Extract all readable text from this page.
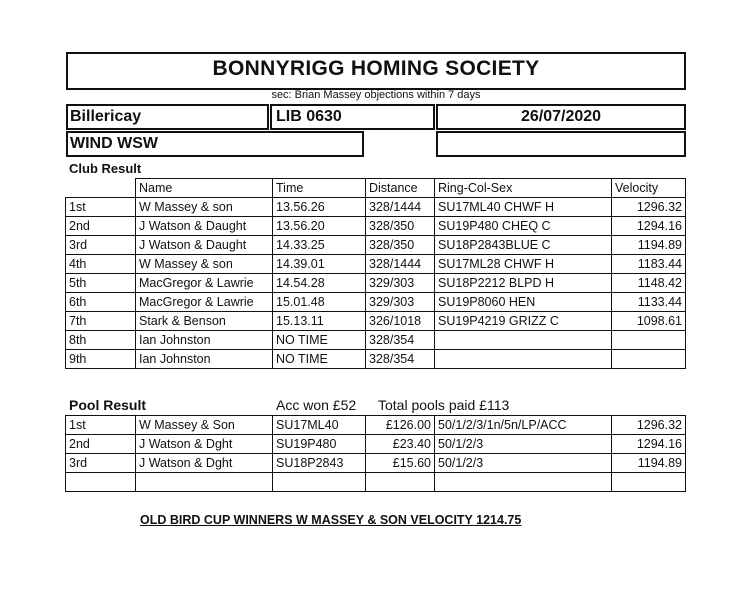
BONNYRIGG HOMING SOCIETY
sec: Brian Massey objections within 7 days
Billericay	LIB 0630	26/07/2020
WIND WSW
Club Result
	Name	Time	Distance	Ring-Col-Sex	Velocity
1st	W Massey & son	13.56.26	328/1444	SU17ML40 CHWF H	1296.32
2nd	J Watson & Daught	13.56.20	328/350	SU19P480 CHEQ C	1294.16
3rd	J Watson & Daught	14.33.25	328/350	SU18P2843BLUE C	1194.89
4th	W Massey & son	14.39.01	328/1444	SU17ML28 CHWF H	1183.44
5th	MacGregor & Lawrie	14.54.28	329/303	SU18P2212 BLPD H	1148.42
6th	MacGregor & Lawrie	15.01.48	329/303	SU19P8060 HEN	1133.44
7th	Stark & Benson	15.13.11	326/1018	SU19P4219 GRIZZ C	1098.61
8th	Ian Johnston	NO TIME	328/354		
9th	Ian Johnston	NO TIME	328/354		
Pool Result	Acc won £52 Total pools paid £113
1st	W Massey & Son	SU17ML40	£126.00	50/1/2/3/1n/5n/LP/ACC	1296.32
2nd	J Watson & Dght	SU19P480	£23.40	50/1/2/3	1294.16
3rd	J Watson & Dght	SU18P2843	£15.60	50/1/2/3	1194.89

OLD BIRD CUP WINNERS W MASSEY & SON VELOCITY 1214.75
